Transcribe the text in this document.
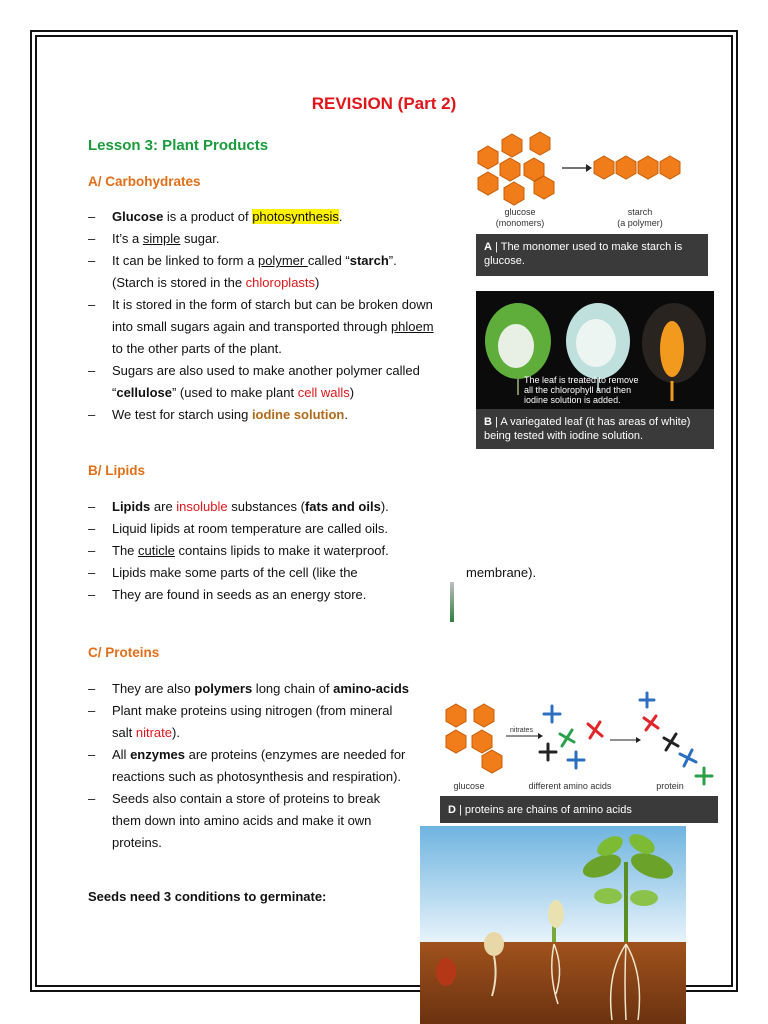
REVISION (Part 2)
Lesson 3: Plant Products
A/ Carbohydrates
– Glucose is a product of photosynthesis.
– It’s a simple sugar.
– It can be linked to form a polymer called “starch”.
(Starch is stored in the chloroplasts)
– It is stored in the form of starch but can be broken down
into small sugars again and transported through phloem
to the other parts of the plant.
– Sugars are also used to make another polymer called
“cellulose” (used to make plant cell walls)
– We test for starch using iodine solution.
B/ Lipids
– Lipids are insoluble substances (fats and oils).
– Liquid lipids at room temperature are called oils.
– The cuticle contains lipids to make it waterproof.
– Lipids make some parts of the cell (like the
– They are found in seeds as an energy store.
membrane).
C/ Proteins
– They are also polymers long chain of amino-acids
– Plant make proteins using nitrogen (from mineral
salt nitrate).
– All enzymes are proteins (enzymes are needed for
reactions such as photosynthesis and respiration).
– Seeds also contain a store of proteins to break
them down into amino acids and make it own
proteins.
Seeds need 3 conditions to germinate:
glucose
(monomers)
starch
(a polymer)
A | The monomer used to make starch is glucose.
The leaf is treated to remove all the chlorophyll and then iodine solution is added.
B | A variegated leaf (it has areas of white) being tested with iodine solution.
nitrates
glucose	different amino acids	protein
D | proteins are chains of amino acids
